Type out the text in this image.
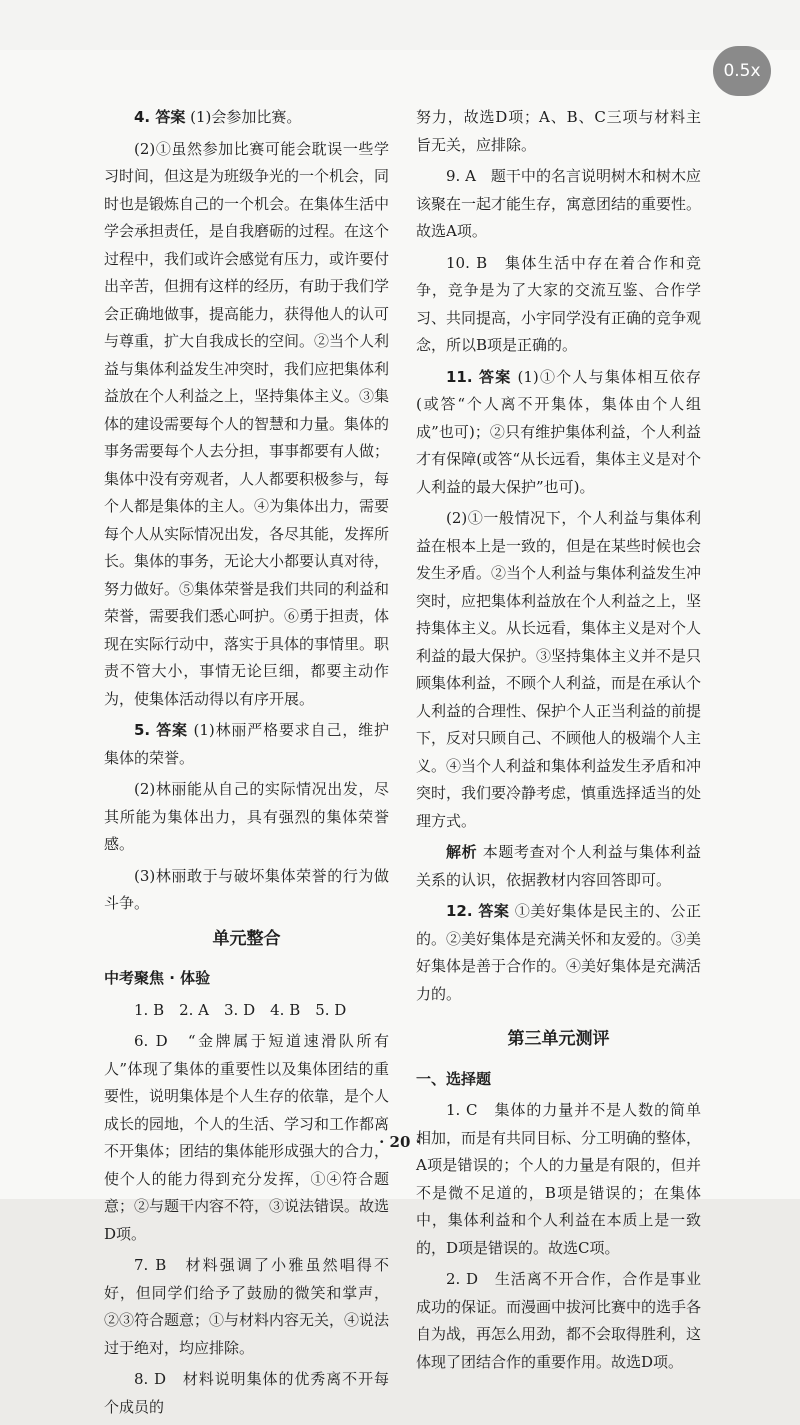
0.5x

4. 答案 (1)会参加比赛。

(2)①虽然参加比赛可能会耽误一些学习时间，但这是为班级争光的一个机会，同时也是锻炼自己的一个机会。在集体生活中学会承担责任，是自我磨砺的过程。在这个过程中，我们或许会感觉有压力，或许要付出辛苦，但拥有这样的经历，有助于我们学会正确地做事，提高能力，获得他人的认可与尊重，扩大自我成长的空间。②当个人利益与集体利益发生冲突时，我们应把集体利益放在个人利益之上，坚持集体主义。③集体的建设需要每个人的智慧和力量。集体的事务需要每个人去分担，事事都要有人做；集体中没有旁观者，人人都要积极参与，每个人都是集体的主人。④为集体出力，需要每个人从实际情况出发，各尽其能，发挥所长。集体的事务，无论大小都要认真对待，努力做好。⑤集体荣誉是我们共同的利益和荣誉，需要我们悉心呵护。⑥勇于担责，体现在实际行动中，落实于具体的事情里。职责不管大小，事情无论巨细，都要主动作为，使集体活动得以有序开展。

5. 答案 (1)林丽严格要求自己，维护集体的荣誉。

(2)林丽能从自己的实际情况出发，尽其所能为集体出力，具有强烈的集体荣誉感。

(3)林丽敢于与破坏集体荣誉的行为做斗争。

单元整合
中考聚焦 · 体验

1. B　2. A　3. D　4. B　5. D

6. D　“金牌属于短道速滑队所有人”体现了集体的重要性以及集体团结的重要性，说明集体是个人生存的依靠，是个人成长的园地，个人的生活、学习和工作都离不开集体；团结的集体能形成强大的合力，使个人的能力得到充分发挥，①④符合题意；②与题干内容不符，③说法错误。故选D项。

7. B　材料强调了小雅虽然唱得不好，但同学们给予了鼓励的微笑和掌声，②③符合题意；①与材料内容无关，④说法过于绝对，均应排除。

8. D　材料说明集体的优秀离不开每个成员的

努力，故选D项；A、B、C三项与材料主旨无关，应排除。

9. A　题干中的名言说明树木和树木应该聚在一起才能生存，寓意团结的重要性。故选A项。

10. B　集体生活中存在着合作和竞争，竞争是为了大家的交流互鉴、合作学习、共同提高，小宇同学没有正确的竞争观念，所以B项是正确的。

11. 答案 (1)①个人与集体相互依存(或答“个人离不开集体，集体由个人组成”也可)；②只有维护集体利益，个人利益才有保障(或答“从长远看，集体主义是对个人利益的最大保护”也可)。

(2)①一般情况下，个人利益与集体利益在根本上是一致的，但是在某些时候也会发生矛盾。②当个人利益与集体利益发生冲突时，应把集体利益放在个人利益之上，坚持集体主义。从长远看，集体主义是对个人利益的最大保护。③坚持集体主义并不是只顾集体利益，不顾个人利益，而是在承认个人利益的合理性、保护个人正当利益的前提下，反对只顾自己、不顾他人的极端个人主义。④当个人利益和集体利益发生矛盾和冲突时，我们要冷静考虑，慎重选择适当的处理方式。

解析 本题考查对个人利益与集体利益关系的认识，依据教材内容回答即可。

12. 答案 ①美好集体是民主的、公正的。②美好集体是充满关怀和友爱的。③美好集体是善于合作的。④美好集体是充满活力的。

第三单元测评
一、选择题

1. C　集体的力量并不是人数的简单相加，而是有共同目标、分工明确的整体，A项是错误的；个人的力量是有限的，但并不是微不足道的，B项是错误的；在集体中，集体利益和个人利益在本质上是一致的，D项是错误的。故选C项。

2. D　生活离不开合作，合作是事业成功的保证。而漫画中拔河比赛中的选手各自为战，再怎么用劲，都不会取得胜利，这体现了团结合作的重要作用。故选D项。

· 20 ·
